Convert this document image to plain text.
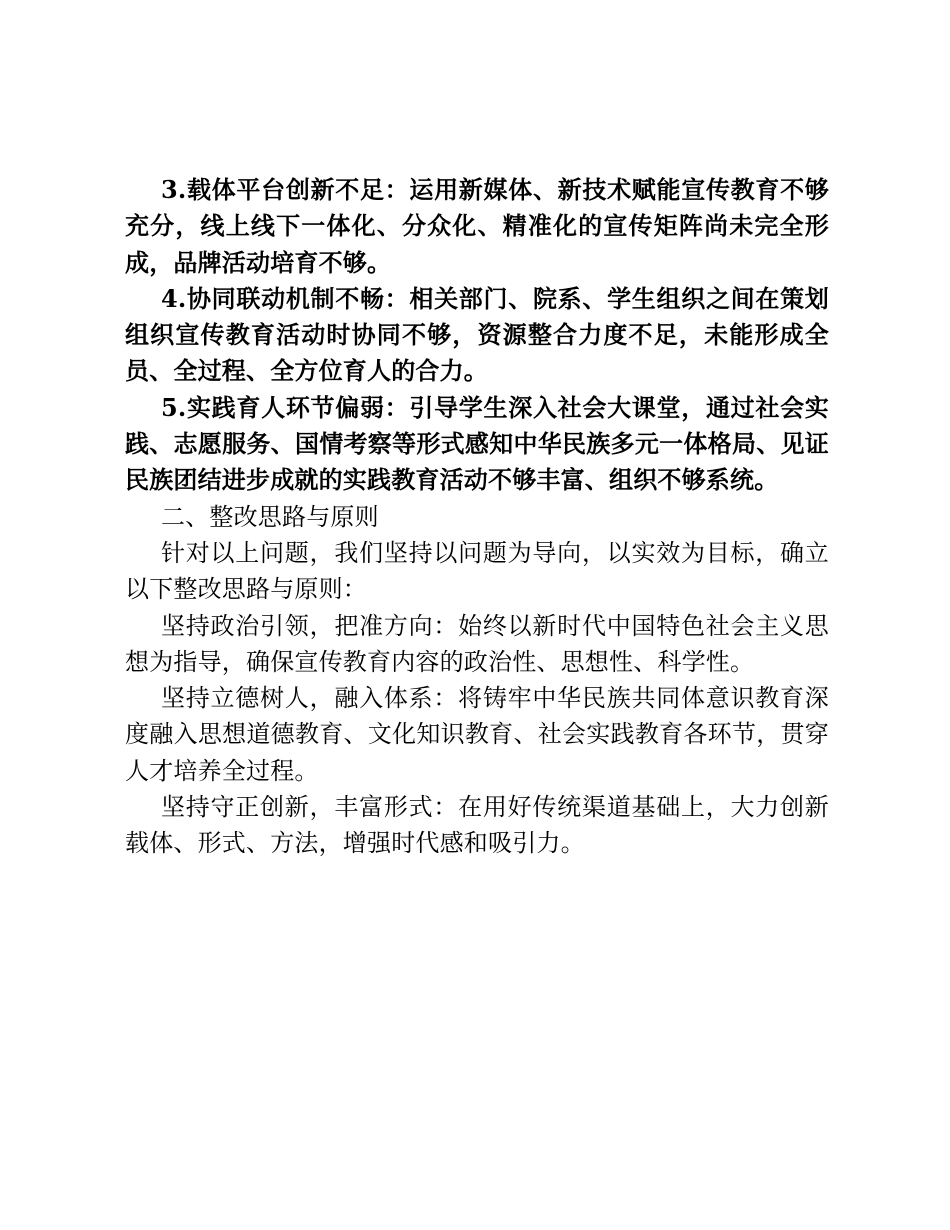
3.载体平台创新不足：运用新媒体、新技术赋能宣传教育不够充分，线上线下一体化、分众化、精准化的宣传矩阵尚未完全形成，品牌活动培育不够。

4.协同联动机制不畅：相关部门、院系、学生组织之间在策划组织宣传教育活动时协同不够，资源整合力度不足，未能形成全员、全过程、全方位育人的合力。

5.实践育人环节偏弱：引导学生深入社会大课堂，通过社会实践、志愿服务、国情考察等形式感知中华民族多元一体格局、见证民族团结进步成就的实践教育活动不够丰富、组织不够系统。

二、整改思路与原则

针对以上问题，我们坚持以问题为导向，以实效为目标，确立以下整改思路与原则：

坚持政治引领，把准方向：始终以新时代中国特色社会主义思想为指导，确保宣传教育内容的政治性、思想性、科学性。

坚持立德树人，融入体系：将铸牢中华民族共同体意识教育深度融入思想道德教育、文化知识教育、社会实践教育各环节，贯穿人才培养全过程。

坚持守正创新，丰富形式：在用好传统渠道基础上，大力创新载体、形式、方法，增强时代感和吸引力。
